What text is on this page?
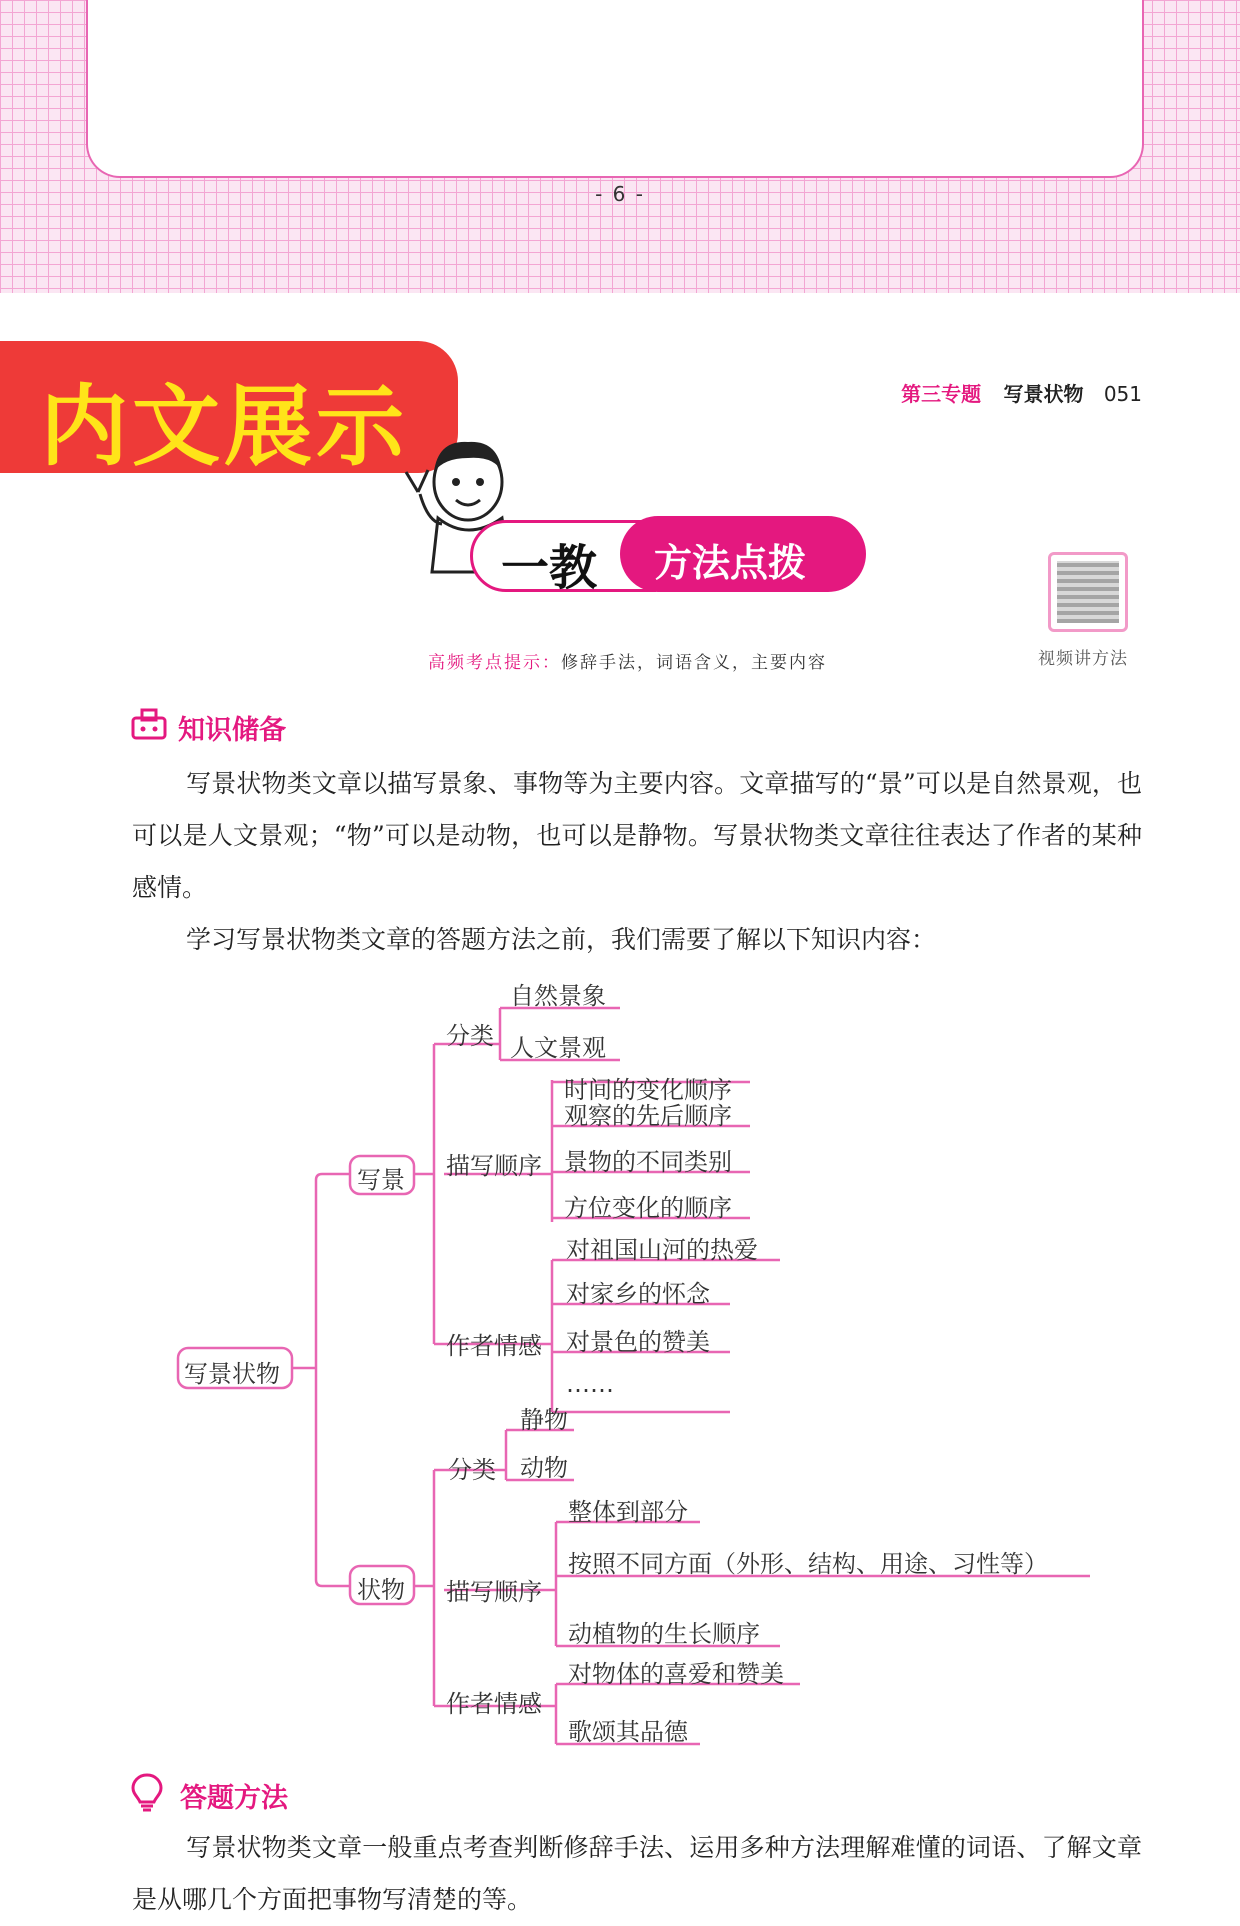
- 6 -
内文展示	第三专题 写景状物 051
一教 方法点拨
视频讲方法
高频考点提示：修辞手法，词语含义，主要内容
知识储备
写景状物类文章以描写景象、事物等为主要内容。文章描写的“景”可以是自然景观，也可以是人文景观；“物”可以是动物，也可以是静物。写景状物类文章往往表达了作者的某种感情。
学习写景状物类文章的答题方法之前，我们需要了解以下知识内容：
写景状物
写景
分类
自然景象
人文景观
描写顺序
时间的变化顺序
观察的先后顺序
景物的不同类别
方位变化的顺序
作者情感
对祖国山河的热爱
对家乡的怀念
对景色的赞美
……
状物
分类
静物
动物
描写顺序
整体到部分
按照不同方面（外形、结构、用途、习性等）
动植物的生长顺序
作者情感
对物体的喜爱和赞美
歌颂其品德
答题方法
写景状物类文章一般重点考查判断修辞手法、运用多种方法理解难懂的词语、了解文章是从哪几个方面把事物写清楚的等。
